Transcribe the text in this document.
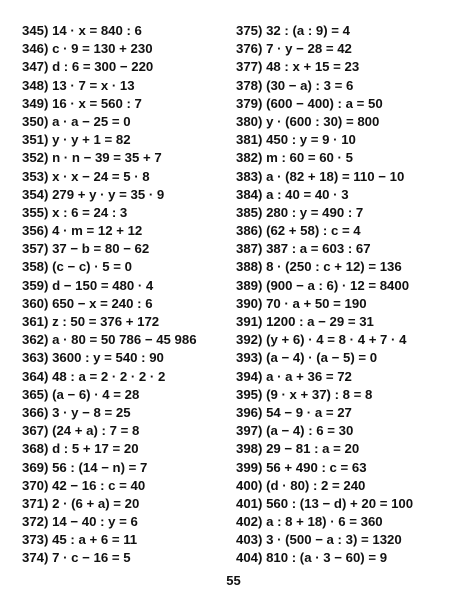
345) 14 · x = 840 : 6
346) c · 9 = 130 + 230
347) d : 6 = 300 − 220
348) 13 · 7 = x · 13
349) 16 · x = 560 : 7
350) a · a − 25 = 0
351) y · y + 1 = 82
352) n · n − 39 = 35 + 7
353) x · x − 24 = 5 · 8
354) 279 + y · y = 35 · 9
355) x : 6 = 24 : 3
356) 4 · m = 12 + 12
357) 37 − b = 80 − 62
358) (c − c) · 5 = 0
359) d − 150 = 480 · 4
360) 650 − x = 240 : 6
361) z : 50 = 376 + 172
362) a · 80 = 50 786 − 45 986
363) 3600 : y = 540 : 90
364) 48 : a = 2 · 2 · 2 · 2
365) (a − 6) · 4 = 28
366) 3 · y − 8 = 25
367) (24 + a) : 7 = 8
368) d : 5 + 17 = 20
369) 56 : (14 − n) = 7
370) 42 − 16 : c = 40
371) 2 · (6 + a) = 20
372) 14 − 40 : y = 6
373) 45 : a + 6 = 11
374) 7 · c − 16 = 5
375) 32 : (a : 9) = 4
376) 7 · y − 28 = 42
377) 48 : x + 15 = 23
378) (30 − a) : 3 = 6
379) (600 − 400) : a = 50
380) y · (600 : 30) = 800
381) 450 : y = 9 · 10
382) m : 60 = 60 · 5
383) a · (82 + 18) = 110 − 10
384) a : 40 = 40 · 3
385) 280 : y = 490 : 7
386) (62 + 58) : c = 4
387) 387 : a = 603 : 67
388) 8 · (250 : c + 12) = 136
389) (900 − a : 6) · 12 = 8400
390) 70 · a + 50 = 190
391) 1200 : a − 29 = 31
392) (y + 6) · 4 = 8 · 4 + 7 · 4
393) (a − 4) · (a − 5) = 0
394) a · a + 36 = 72
395) (9 · x + 37) : 8 = 8
396) 54 − 9 · a = 27
397) (a − 4) : 6 = 30
398) 29 − 81 : a = 20
399) 56 + 490 : c = 63
400) (d · 80) : 2 = 240
401) 560 : (13 − d) + 20 = 100
402) a : 8 + 18) · 6 = 360
403) 3 · (500 − a : 3) = 1320
404) 810 : (a · 3 − 60) = 9
55
